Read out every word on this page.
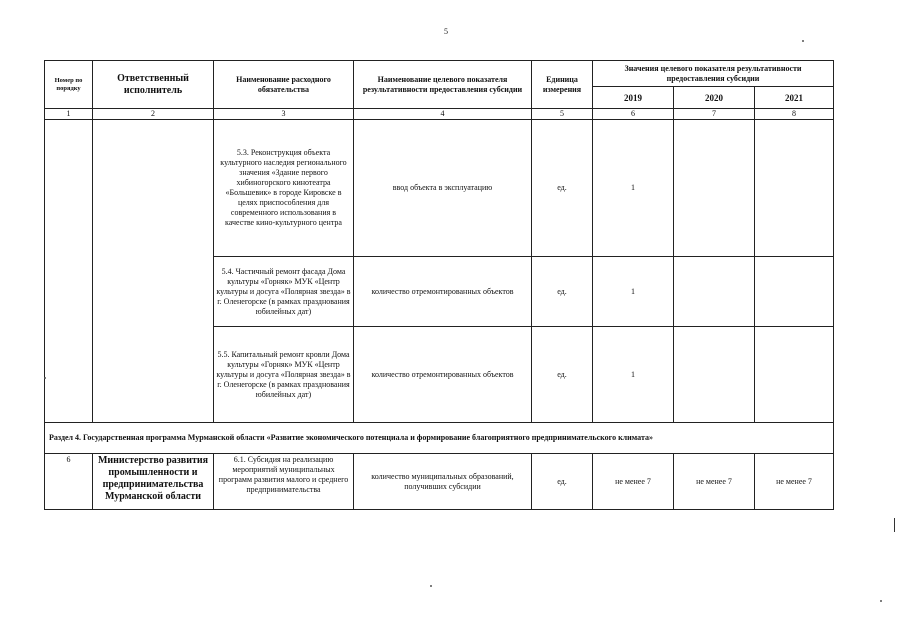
5
Номер по порядку	Ответственный исполнитель	Наименование расходного обязательства	Наименование целевого показателя результативности предоставления субсидии	Единица измерения	Значения целевого показателя результативности предоставления субсидии		
					2019	2020	2021
1	2	3	4	5	6	7	8
		5.3. Реконструкция объекта культурного наследия регионального значения «Здание первого хибиногорского кинотеатра «Большевик» в городе Кировске в целях приспособления для современного использования в качестве кино-культурного центра	ввод объекта в эксплуатацию	ед.	1		
		5.4. Частичный ремонт фасада Дома культуры «Горняк» МУК «Центр культуры и досуга «Полярная звезда» в г. Оленегорске (в рамках празднования юбилейных дат)	количество отремонтированных объектов	ед.	1		
		5.5. Капитальный ремонт кровли Дома культуры «Горняк» МУК «Центр культуры и досуга «Полярная звезда» в г. Оленегорске (в рамках празднования юбилейных дат)	количество отремонтированных объектов	ед.	1		
Раздел 4. Государственная программа Мурманской области «Развитие экономического потенциала и формирование благоприятного предпринимательского климата»							
6	Министерство развития промышленности и предпринимательства Мурманской области	6.1. Субсидия на реализацию мероприятий муниципальных программ развития малого и среднего предпринимательства	количество муниципальных образований, получивших субсидии	ед.	не менее 7	не менее 7	не менее 7
